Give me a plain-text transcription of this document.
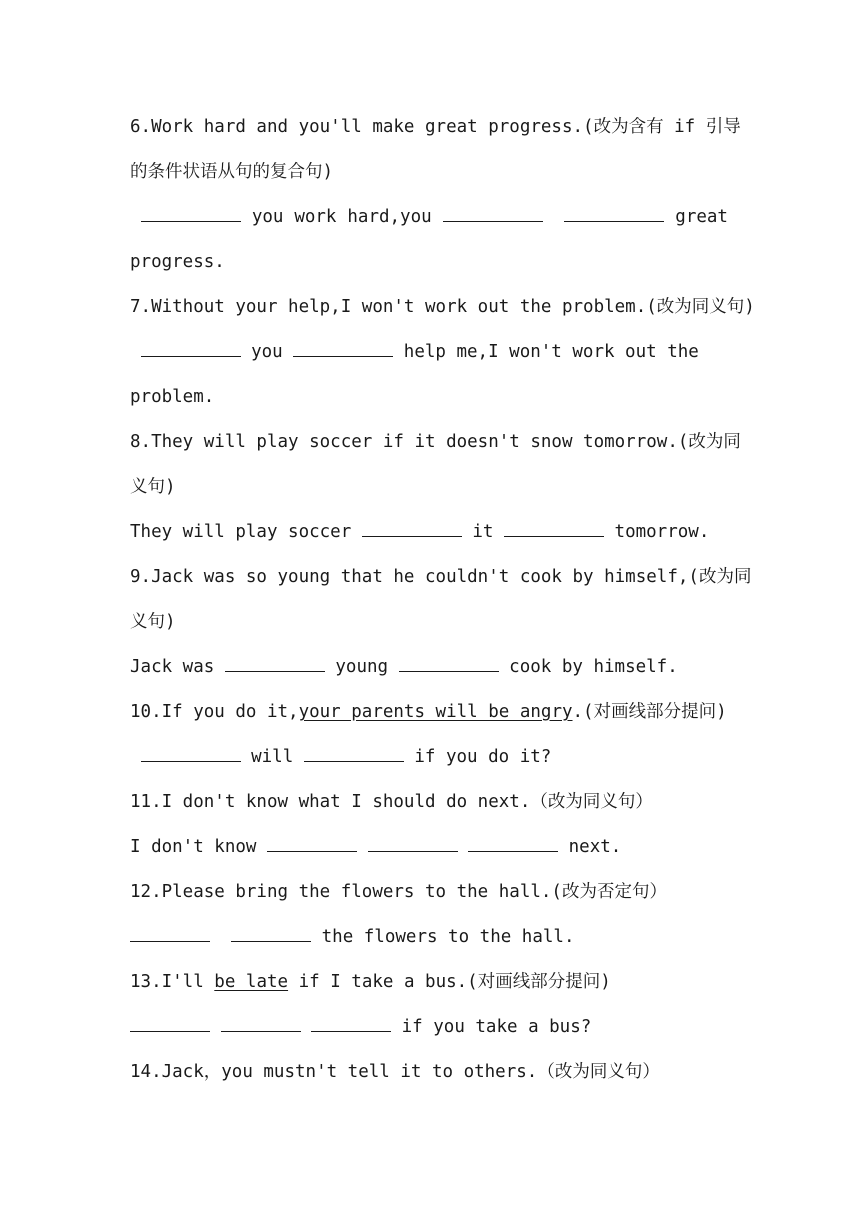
6.Work hard and you'll make great progress.(改为含有 if 引导
的条件状语从句的复合句)
you work hard,you	great
progress.
7.Without your help,I won't work out the problem.(改为同义句)
you	help me,I won't work out the
problem.
8.They will play soccer if it doesn't snow tomorrow.(改为同
义句)
They will play soccer	it	tomorrow.
9.Jack was so young that he couldn't cook by himself,(改为同
义句)
Jack was	young	cook by himself.
10.If you do it,your parents will be angry.(对画线部分提问)
will	if you do it?
11.I don't know what I should do next.（改为同义句）
I don't know	next.
12.Please bring the flowers to the hall.(改为否定句）
the flowers to the hall.
13.I'll be late if I take a bus.(对画线部分提问)
if you take a bus?
14.Jack，you mustn't tell it to others.（改为同义句）
